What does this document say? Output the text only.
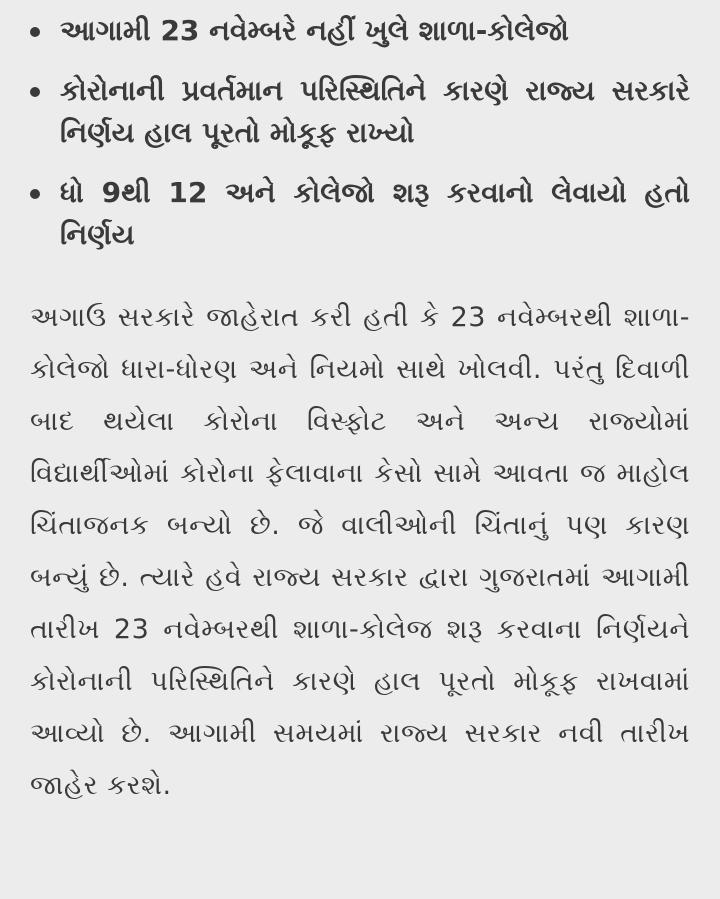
આગામી 23 નવેમ્બરે નહીં ખુલે શાળા-કોલેજો
કોરોનાની પ્રવર્તમાન પરિસ્થિતિને કારણે રાજ્ય સરકારે નિર્ણય હાલ પૂરતો મોકૂફ રાખ્યો
ધો 9થી 12 અને કોલેજો શરૂ કરવાનો લેવાયો હતો નિર્ણય

અગાઉ સરકારે જાહેરાત કરી હતી કે 23 નવેમ્બરથી શાળા-કોલેજો ધારા-ધોરણ અને નિયમો સાથે ખોલવી. પરંતુ દિવાળી બાદ થયેલા કોરોના વિસ્ફોટ અને અન્ય રાજ્યોમાં વિદ્યાર્થીઓમાં કોરોના ફેલાવાના કેસો સામે આવતા જ માહોલ ચિંતાજનક બન્યો છે. જે વાલીઓની ચિંતાનું પણ કારણ બન્યું છે. ત્યારે હવે રાજ્ય સરકાર દ્વારા ગુજરાતમાં આગામી તારીખ 23 નવેમ્બરથી શાળા-કોલેજ શરૂ કરવાના નિર્ણયને કોરોનાની પરિસ્થિતિને કારણે હાલ પૂરતો મોકૂફ રાખવામાં આવ્યો છે. આગામી સમયમાં રાજ્ય સરકાર નવી તારીખ જાહેર કરશે.
